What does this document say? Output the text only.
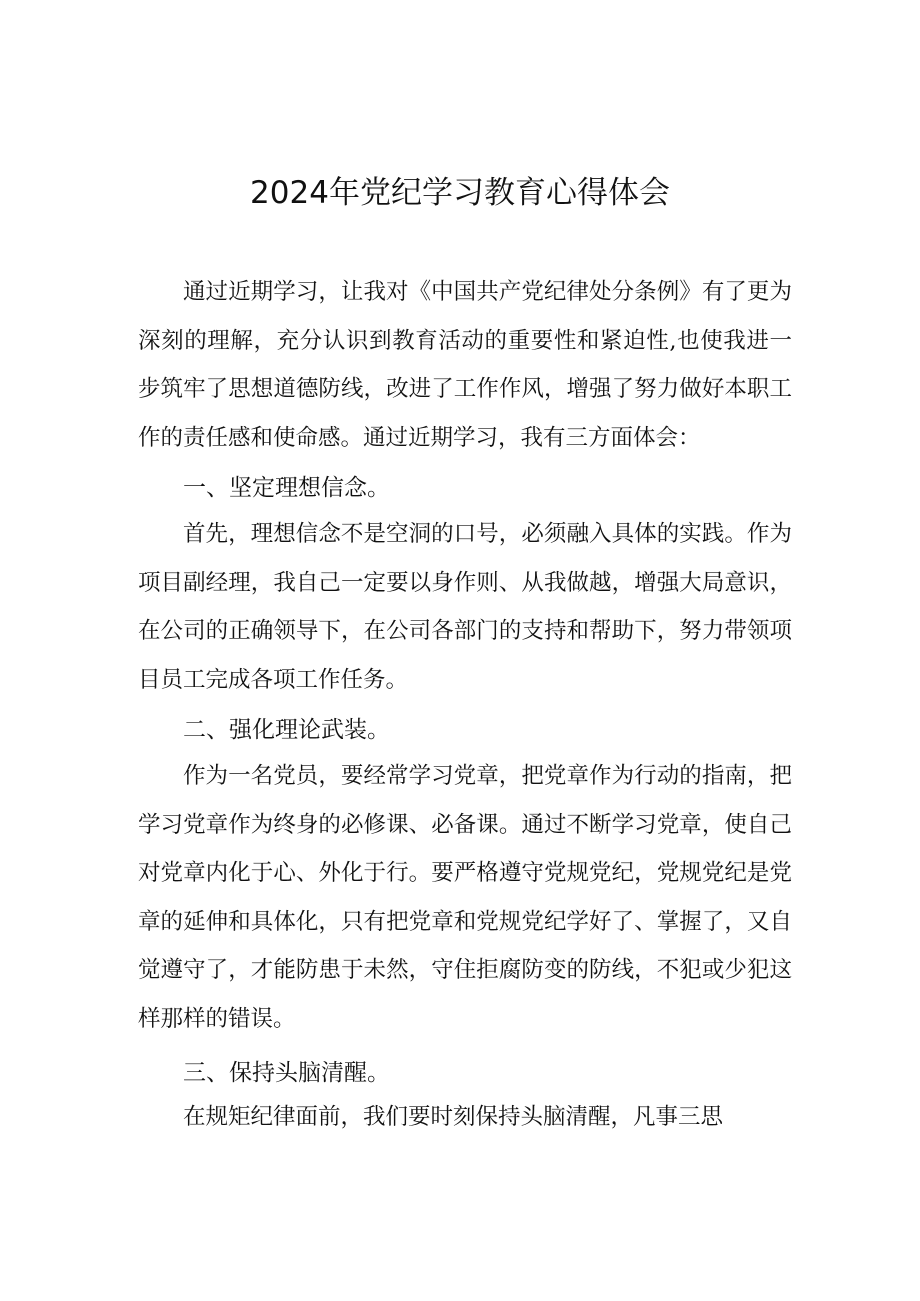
2024年党纪学习教育心得体会

通过近期学习，让我对《中国共产党纪律处分条例》有了更为深刻的理解，充分认识到教育活动的重要性和紧迫性,也使我进一步筑牢了思想道德防线，改进了工作作风，增强了努力做好本职工作的责任感和使命感。通过近期学习，我有三方面体会：

一、坚定理想信念。

首先，理想信念不是空洞的口号，必须融入具体的实践。作为项目副经理，我自己一定要以身作则、从我做越，增强大局意识，在公司的正确领导下，在公司各部门的支持和帮助下，努力带领项目员工完成各项工作任务。

二、强化理论武装。

作为一名党员，要经常学习党章，把党章作为行动的指南，把学习党章作为终身的必修课、必备课。通过不断学习党章，使自己对党章内化于心、外化于行。要严格遵守党规党纪，党规党纪是党章的延伸和具体化，只有把党章和党规党纪学好了、掌握了，又自觉遵守了，才能防患于未然，守住拒腐防变的防线，不犯或少犯这样那样的错误。

三、保持头脑清醒。

在规矩纪律面前，我们要时刻保持头脑清醒，凡事三思
